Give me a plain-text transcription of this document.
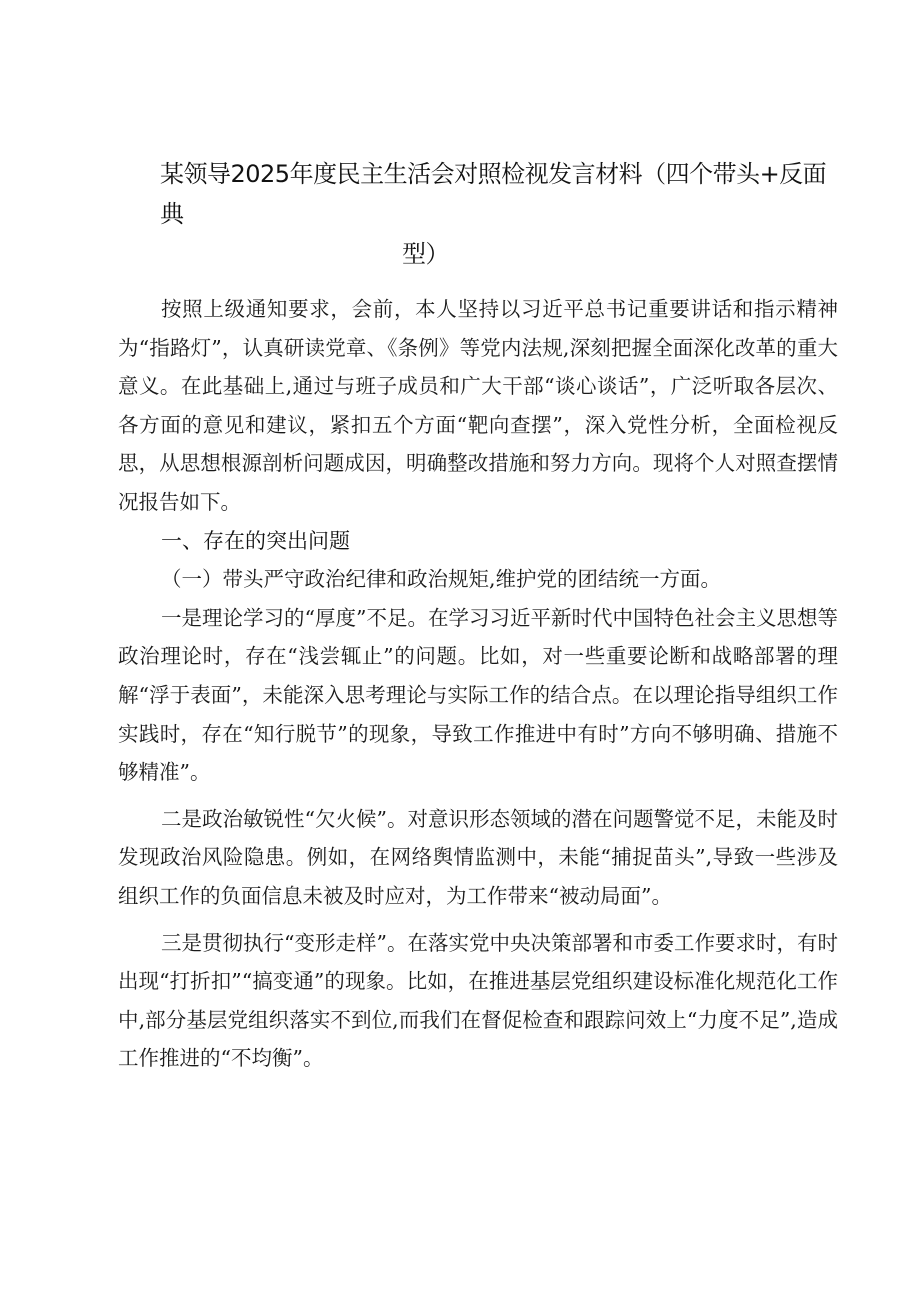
某领导2025年度民主生活会对照检视发言材料（四个带头+反面典
型）

按照上级通知要求，会前，本人坚持以习近平总书记重要讲话和指示精神为“指路灯”，认真研读党章、《条例》等党内法规,深刻把握全面深化改革的重大意义。在此基础上,通过与班子成员和广大干部“谈心谈话”，广泛听取各层次、各方面的意见和建议，紧扣五个方面“靶向查摆”，深入党性分析，全面检视反思，从思想根源剖析问题成因，明确整改措施和努力方向。现将个人对照查摆情况报告如下。

一、存在的突出问题

（一）带头严守政治纪律和政治规矩,维护党的团结统一方面。

一是理论学习的“厚度”不足。在学习习近平新时代中国特色社会主义思想等政治理论时，存在“浅尝辄止”的问题。比如，对一些重要论断和战略部署的理解“浮于表面”，未能深入思考理论与实际工作的结合点。在以理论指导组织工作实践时，存在“知行脱节”的现象，导致工作推进中有时”方向不够明确、措施不够精准”。

二是政治敏锐性“欠火候”。对意识形态领域的潜在问题警觉不足，未能及时发现政治风险隐患。例如，在网络舆情监测中，未能“捕捉苗头”,导致一些涉及组织工作的负面信息未被及时应对，为工作带来“被动局面”。

三是贯彻执行“变形走样”。在落实党中央决策部署和市委工作要求时，有时出现“打折扣”“搞变通”的现象。比如，在推进基层党组织建设标准化规范化工作中,部分基层党组织落实不到位,而我们在督促检查和跟踪问效上“力度不足”,造成工作推进的“不均衡”。
